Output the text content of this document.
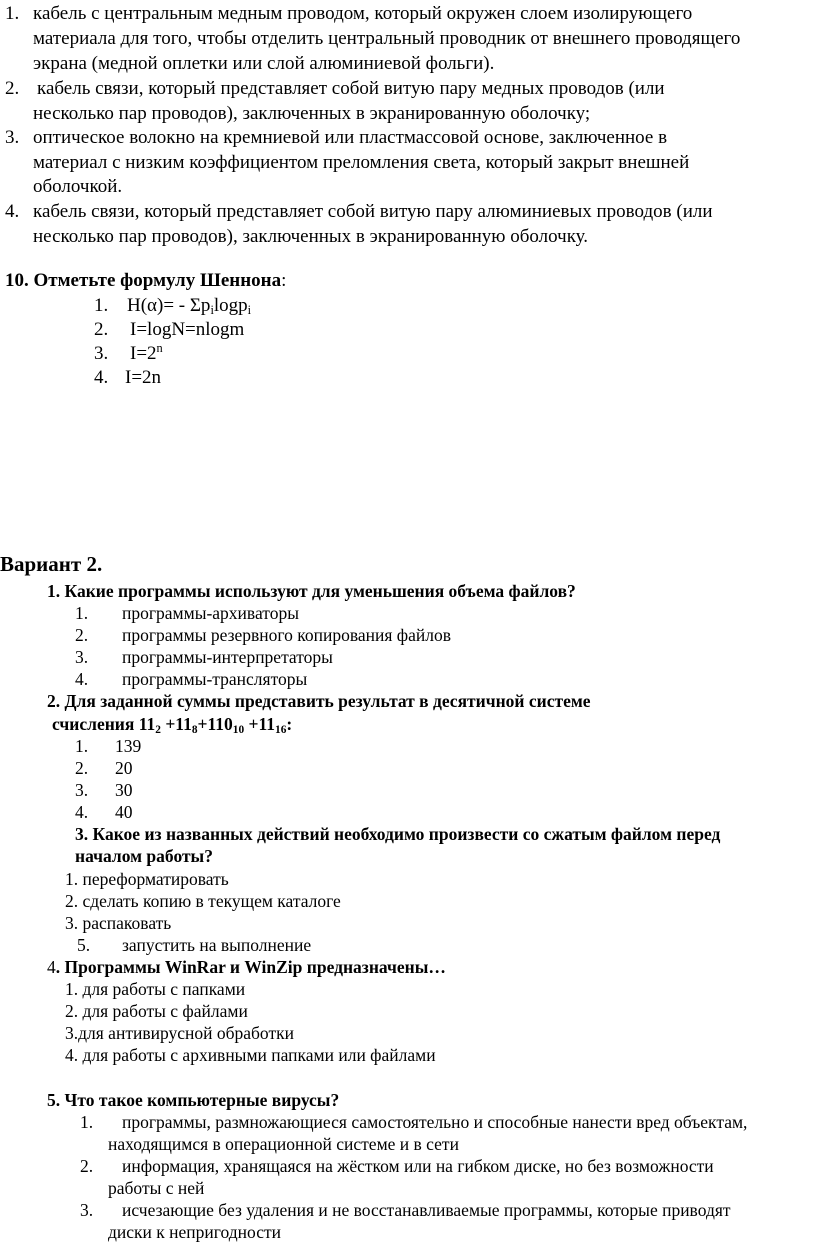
1. кабель с центральным медным проводом, который окружен слоем изолирующего
материала для того, чтобы отделить центральный проводник от внешнего проводящего
экрана (медной оплетки или слой алюминиевой фольги).
2. кабель связи, который представляет собой витую пару медных проводов (или
несколько пар проводов), заключенных в экранированную оболочку;
3. оптическое волокно на кремниевой или пластмассовой основе, заключенное в
материал с низким коэффициентом преломления света, который закрыт внешней
оболочкой.
4. кабель связи, который представляет собой витую пару алюминиевых проводов (или
несколько пар проводов), заключенных в экранированную оболочку.
10. Отметьте формулу Шеннона:
1. $H(\alpha)= - \Sigma p_i\log p_i$
2. I=logN=nlogm
3. $I=2^n$
4. I=2n
Вариант 2.
1. Какие программы используют для уменьшения объема файлов?
1. программы-архиваторы
2. программы резервного копирования файлов
3. программы-интерпретаторы
4. программы-трансляторы
2. Для заданной суммы представить результат в десятичной системе
счисления $11_2 +11_8+110_{10} +11_{16}$:
1. 139
2. 20
3. 30
4. 40
3. Какое из названных действий необходимо произвести со сжатым файлом перед
началом работы?
1. переформатировать
2. сделать копию в текущем каталоге
3. распаковать
5. запустить на выполнение
4. Программы WinRar и WinZip предназначены…
1. для работы с папками
2. для работы с файлами
3.для антивирусной обработки
4. для работы с архивными папками или файлами
5. Что такое компьютерные вирусы?
1. программы, размножающиеся самостоятельно и способные нанести вред объектам,
находящимся в операционной системе и в сети
2. информация, хранящаяся на жёстком или на гибком диске, но без возможности
работы с ней
3. исчезающие без удаления и не восстанавливаемые программы, которые приводят
диски к непригодности
